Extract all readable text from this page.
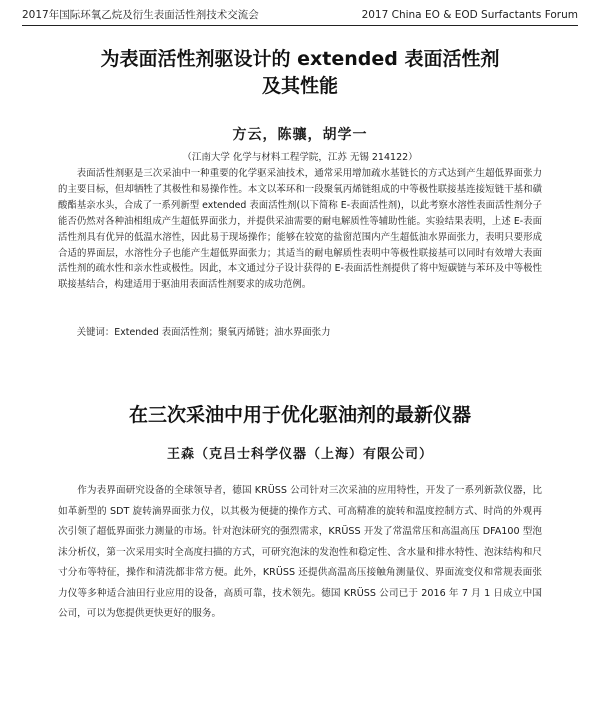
2017年国际环氧乙烷及衍生表面活性剂技术交流会	2017 China EO & EOD Surfactants Forum
为表面活性剂驱设计的 extended 表面活性剂
及其性能
方云，陈骧，胡学一
（江南大学 化学与材料工程学院，江苏 无锡 214122）

表面活性剂驱是三次采油中一种重要的化学驱采油技术，通常采用增加疏水基链长的方式达到产生超低界面张力的主要目标，但却牺牲了其极性和易操作性。本文以苯环和一段聚氧丙烯链组成的中等极性联接基连接短链干基和磺酸酯基亲水头，合成了一系列新型 extended 表面活性剂(以下简称 E-表面活性剂)，以此考察水溶性表面活性剂分子能否仍然对各种油相组成产生超低界面张力，并提供采油需要的耐电解质性等辅助性能。实验结果表明，上述 E-表面活性剂具有优异的低温水溶性，因此易于现场操作；能够在较宽的盐窗范围内产生超低油水界面张力，表明只要形成合适的界面层，水溶性分子也能产生超低界面张力；其适当的耐电解质性表明中等极性联接基可以同时有效增大表面活性剂的疏水性和亲水性或极性。因此，本文通过分子设计获得的 E-表面活性剂提供了将中短碳链与苯环及中等极性联接基结合，构建适用于驱油用表面活性剂要求的成功范例。

关键词：Extended 表面活性剂；聚氧丙烯链；油水界面张力

在三次采油中用于优化驱油剂的最新仪器
王森（克吕士科学仪器（上海）有限公司）

作为表界面研究设备的全球领导者，德国 KRÜSS 公司针对三次采油的应用特性，开发了一系列新款仪器，比如革新型的 SDT 旋转滴界面张力仪，以其极为便捷的操作方式、可高精准的旋转和温度控制方式、时尚的外观再次引领了超低界面张力测量的市场。针对泡沫研究的强烈需求，KRÜSS 开发了常温常压和高温高压 DFA100 型泡沫分析仪，第一次采用实时全高度扫描的方式，可研究泡沫的发泡性和稳定性、含水量和排水特性、泡沫结构和尺寸分布等特征，操作和清洗都非常方便。此外，KRÜSS 还提供高温高压接触角测量仪、界面流变仪和常规表面张力仪等多种适合油田行业应用的设备，高质可靠，技术领先。德国 KRÜSS 公司已于 2016 年 7 月 1 日成立中国公司，可以为您提供更快更好的服务。
